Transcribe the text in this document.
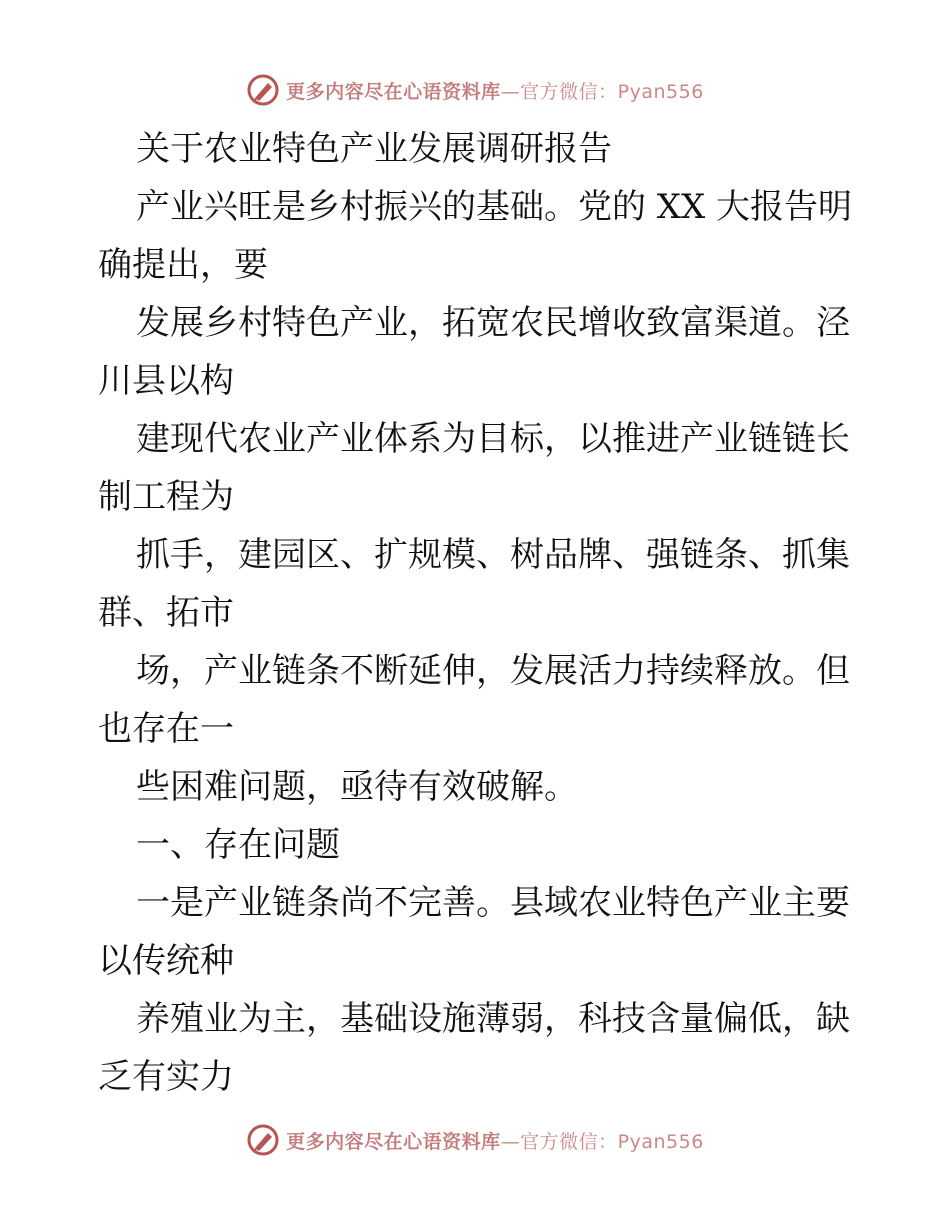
更多内容尽在心语资料库—官方微信：Pyan556
关于农业特色产业发展调研报告
产业兴旺是乡村振兴的基础。党的 XX 大报告明
确提出，要
发展乡村特色产业，拓宽农民增收致富渠道。泾
川县以构
建现代农业产业体系为目标，以推进产业链链长
制工程为
抓手，建园区、扩规模、树品牌、强链条、抓集
群、拓市
场，产业链条不断延伸，发展活力持续释放。但
也存在一
些困难问题，亟待有效破解。
一、存在问题
一是产业链条尚不完善。县域农业特色产业主要
以传统种
养殖业为主，基础设施薄弱，科技含量偏低，缺
乏有实力
更多内容尽在心语资料库—官方微信：Pyan556
